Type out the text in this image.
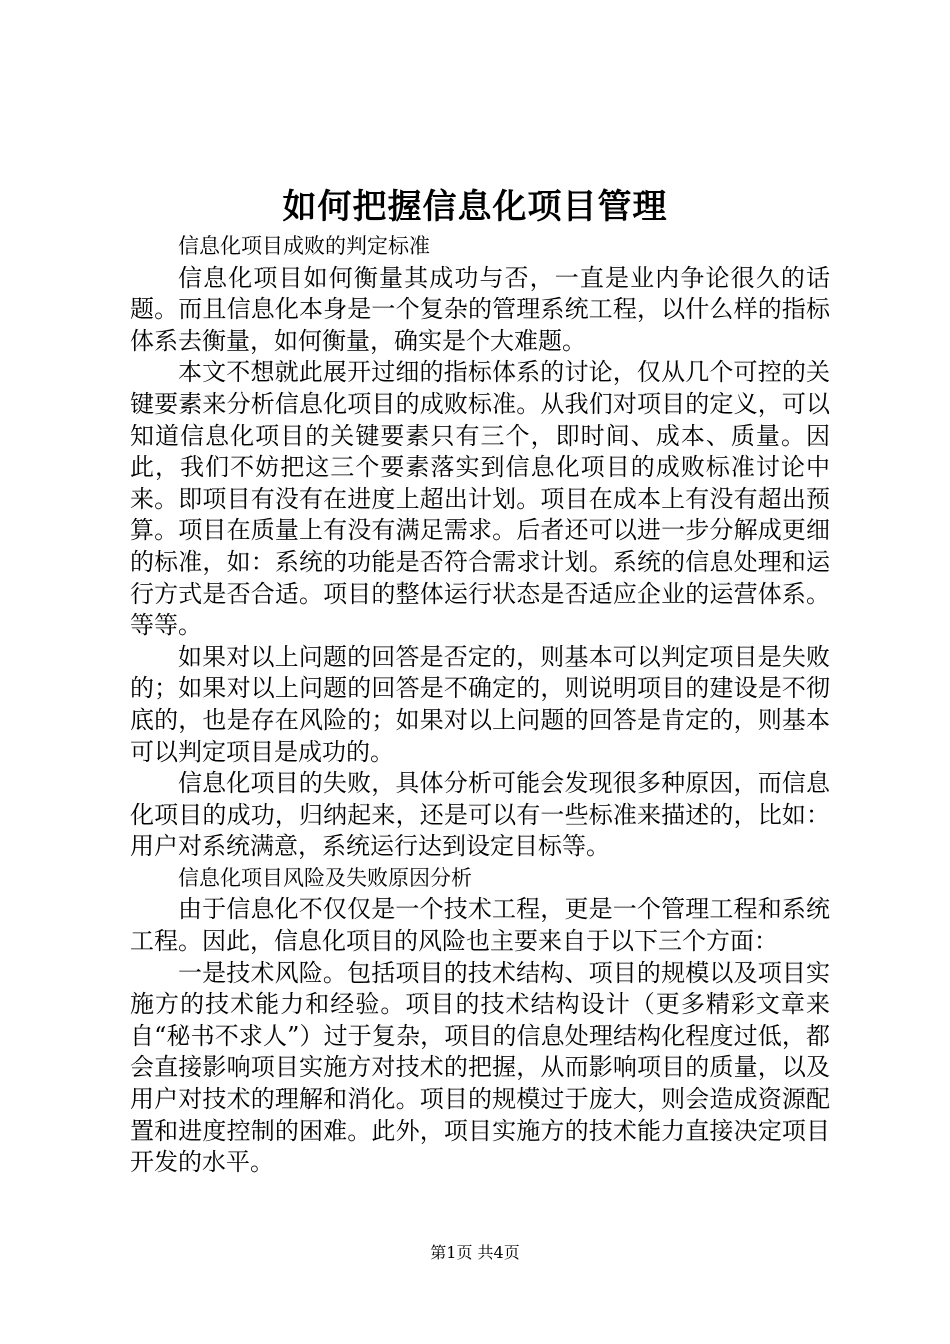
如何把握信息化项目管理

信息化项目成败的判定标准

信息化项目如何衡量其成功与否，一直是业内争论很久的话题。而且信息化本身是一个复杂的管理系统工程，以什么样的指标体系去衡量，如何衡量，确实是个大难题。

本文不想就此展开过细的指标体系的讨论，仅从几个可控的关键要素来分析信息化项目的成败标准。从我们对项目的定义，可以知道信息化项目的关键要素只有三个，即时间、成本、质量。因此，我们不妨把这三个要素落实到信息化项目的成败标准讨论中来。即项目有没有在进度上超出计划。项目在成本上有没有超出预算。项目在质量上有没有满足需求。后者还可以进一步分解成更细的标准，如：系统的功能是否符合需求计划。系统的信息处理和运行方式是否合适。项目的整体运行状态是否适应企业的运营体系。等等。

如果对以上问题的回答是否定的，则基本可以判定项目是失败的；如果对以上问题的回答是不确定的，则说明项目的建设是不彻底的，也是存在风险的；如果对以上问题的回答是肯定的，则基本可以判定项目是成功的。

信息化项目的失败，具体分析可能会发现很多种原因，而信息化项目的成功，归纳起来，还是可以有一些标准来描述的，比如：用户对系统满意，系统运行达到设定目标等。

信息化项目风险及失败原因分析

由于信息化不仅仅是一个技术工程，更是一个管理工程和系统工程。因此，信息化项目的风险也主要来自于以下三个方面：

一是技术风险。包括项目的技术结构、项目的规模以及项目实施方的技术能力和经验。项目的技术结构设计（更多精彩文章来自“秘书不求人”）过于复杂，项目的信息处理结构化程度过低，都会直接影响项目实施方对技术的把握，从而影响项目的质量，以及用户对技术的理解和消化。项目的规模过于庞大，则会造成资源配置和进度控制的困难。此外，项目实施方的技术能力直接决定项目开发的水平。

第1页 共4页
